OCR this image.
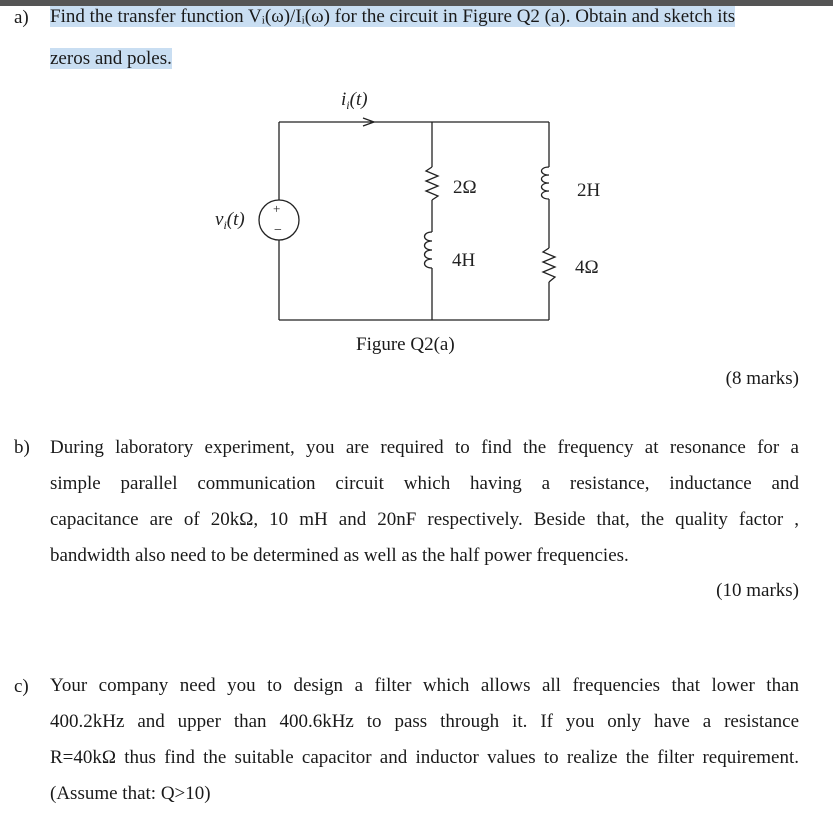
a) Find the transfer function Vᵢ(ω)/Iᵢ(ω) for the circuit in Figure Q2 (a). Obtain and sketch its
zeros and poles.
+
−
$i_i(t)$
$v_i(t)$
2Ω
4H
2H
4Ω
Figure Q2(a)
(8 marks)
b) During laboratory experiment, you are required to find the frequency at resonance for a
simple parallel communication circuit which having a resistance, inductance and
capacitance are of 20kΩ, 10 mH and 20nF respectively. Beside that, the quality factor ,
bandwidth also need to be determined as well as the half power frequencies.
(10 marks)
c) Your company need you to design a filter which allows all frequencies that lower than
400.2kHz and upper than 400.6kHz to pass through it. If you only have a resistance
R=40kΩ thus find the suitable capacitor and inductor values to realize the filter requirement.
(Assume that: Q>10)
